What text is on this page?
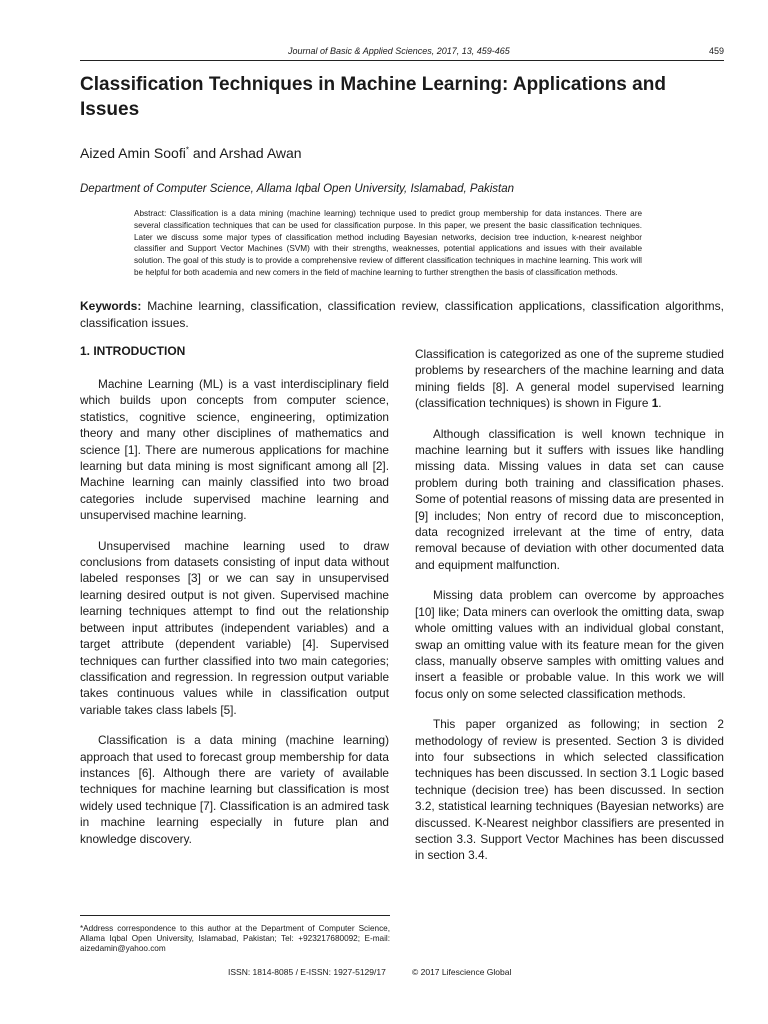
Journal of Basic & Applied Sciences, 2017, 13, 459-465	459
Classification Techniques in Machine Learning: Applications and Issues
Aized Amin Soofi* and Arshad Awan
Department of Computer Science, Allama Iqbal Open University, Islamabad, Pakistan
Abstract: Classification is a data mining (machine learning) technique used to predict group membership for data instances. There are several classification techniques that can be used for classification purpose. In this paper, we present the basic classification techniques. Later we discuss some major types of classification method including Bayesian networks, decision tree induction, k-nearest neighbor classifier and Support Vector Machines (SVM) with their strengths, weaknesses, potential applications and issues with their available solution. The goal of this study is to provide a comprehensive review of different classification techniques in machine learning. This work will be helpful for both academia and new comers in the field of machine learning to further strengthen the basis of classification methods.
Keywords: Machine learning, classification, classification review, classification applications, classification algorithms, classification issues.
1. INTRODUCTION

Machine Learning (ML) is a vast interdisciplinary field which builds upon concepts from computer science, statistics, cognitive science, engineering, optimization theory and many other disciplines of mathematics and science [1]. There are numerous applications for machine learning but data mining is most significant among all [2]. Machine learning can mainly classified into two broad categories include supervised machine learning and unsupervised machine learning.

Unsupervised machine learning used to draw conclusions from datasets consisting of input data without labeled responses [3] or we can say in unsupervised learning desired output is not given. Supervised machine learning techniques attempt to find out the relationship between input attributes (independent variables) and a target attribute (dependent variable) [4]. Supervised techniques can further classified into two main categories; classification and regression. In regression output variable takes continuous values while in classification output variable takes class labels [5].

Classification is a data mining (machine learning) approach that used to forecast group membership for data instances [6]. Although there are variety of available techniques for machine learning but classification is most widely used technique [7]. Classification is an admired task in machine learning especially in future plan and knowledge discovery.

Classification is categorized as one of the supreme studied problems by researchers of the machine learning and data mining fields [8]. A general model supervised learning (classification techniques) is shown in Figure 1.

Although classification is well known technique in machine learning but it suffers with issues like handling missing data. Missing values in data set can cause problem during both training and classification phases. Some of potential reasons of missing data are presented in [9] includes; Non entry of record due to misconception, data recognized irrelevant at the time of entry, data removal because of deviation with other documented data and equipment malfunction.

Missing data problem can overcome by approaches [10] like; Data miners can overlook the omitting data, swap whole omitting values with an individual global constant, swap an omitting value with its feature mean for the given class, manually observe samples with omitting values and insert a feasible or probable value. In this work we will focus only on some selected classification methods.

This paper organized as following; in section 2 methodology of review is presented. Section 3 is divided into four subsections in which selected classification techniques has been discussed. In section 3.1 Logic based technique (decision tree) has been discussed. In section 3.2, statistical learning techniques (Bayesian networks) are discussed. K-Nearest neighbor classifiers are presented in section 3.3. Support Vector Machines has been discussed in section 3.4.

*Address correspondence to this author at the Department of Computer Science, Allama Iqbal Open University, Islamabad, Pakistan; Tel: +923217680092; E-mail: aizedamin@yahoo.com
ISSN: 1814-8085 / E-ISSN: 1927-5129/17	© 2017 Lifescience Global
